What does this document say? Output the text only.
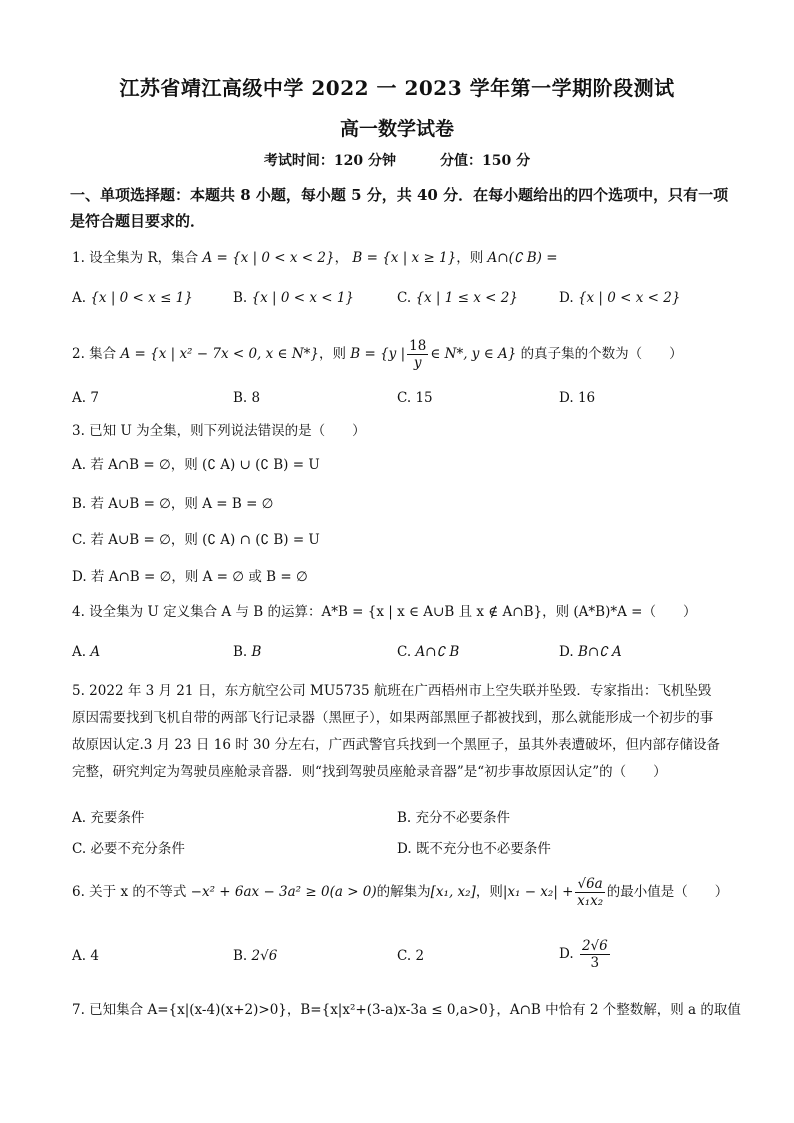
江苏省靖江高级中学 2022 一 2023 学年第一学期阶段测试
高一数学试卷
考试时间：120 分钟	分值：150 分
一、单项选择题：本题共 8 小题，每小题 5 分，共 40 分．在每小题给出的四个选项中，只有一项是符合题目要求的．
1. 设全集为 R，集合 A = {x | 0 < x < 2}， B = {x | x ≥ 1}，则 A∩(∁ B) =
A. {x | 0 < x ≤ 1}	B. {x | 0 < x < 1}	C. {x | 1 ≤ x < 2}	D. {x | 0 < x < 2}
2. 集合 A = {x | x² − 7x < 0, x ∈ N*}，则 B = {y | $\frac{18}{y}$ ∈ N*, y ∈ A} 的真子集的个数为（　　）
A. 7	B. 8	C. 15	D. 16
3. 已知 U 为全集，则下列说法错误的是（　　）
A. 若 A∩B = ∅，则 (∁ A) ∪ (∁ B) = U
B. 若 A∪B = ∅，则 A = B = ∅
C. 若 A∪B = ∅，则 (∁ A) ∩ (∁ B) = U
D. 若 A∩B = ∅，则 A = ∅ 或 B = ∅
4. 设全集为 U 定义集合 A 与 B 的运算：A*B = {x | x ∈ A∪B 且 x ∉ A∩B}，则 (A*B)*A =（　　）
A. A	B. B	C. A∩∁ B	D. B∩∁ A
5. 2022 年 3 月 21 日，东方航空公司 MU5735 航班在广西梧州市上空失联并坠毁．专家指出：飞机坠毁原因需要找到飞机自带的两部飞行记录器（黑匣子），如果两部黑匣子都被找到，那么就能形成一个初步的事故原因认定.3 月 23 日 16 时 30 分左右，广西武警官兵找到一个黑匣子，虽其外表遭破坏，但内部存储设备完整，研究判定为驾驶员座舱录音器．则“找到驾驶员座舱录音器”是“初步事故原因认定”的（　　）
A. 充要条件	B. 充分不必要条件
C. 必要不充分条件	D. 既不充分也不必要条件
6. 关于 x 的不等式 −x² + 6ax − 3a² ≥ 0(a > 0)的解集为[x₁, x₂]，则$|x_1 - x_2| + \frac{√6a}{\text{x₁x₂}}$ 的最小值是（　　）
A. 4	B. 2√6	C. 2	D. $\frac{2√6}{3}$
7. 已知集合 A={x|(x-4)(x+2)>0}，B={x|x²+(3-a)x-3a ≤ 0,a>0}，A∩B 中恰有 2 个整数解，则 a 的取值
